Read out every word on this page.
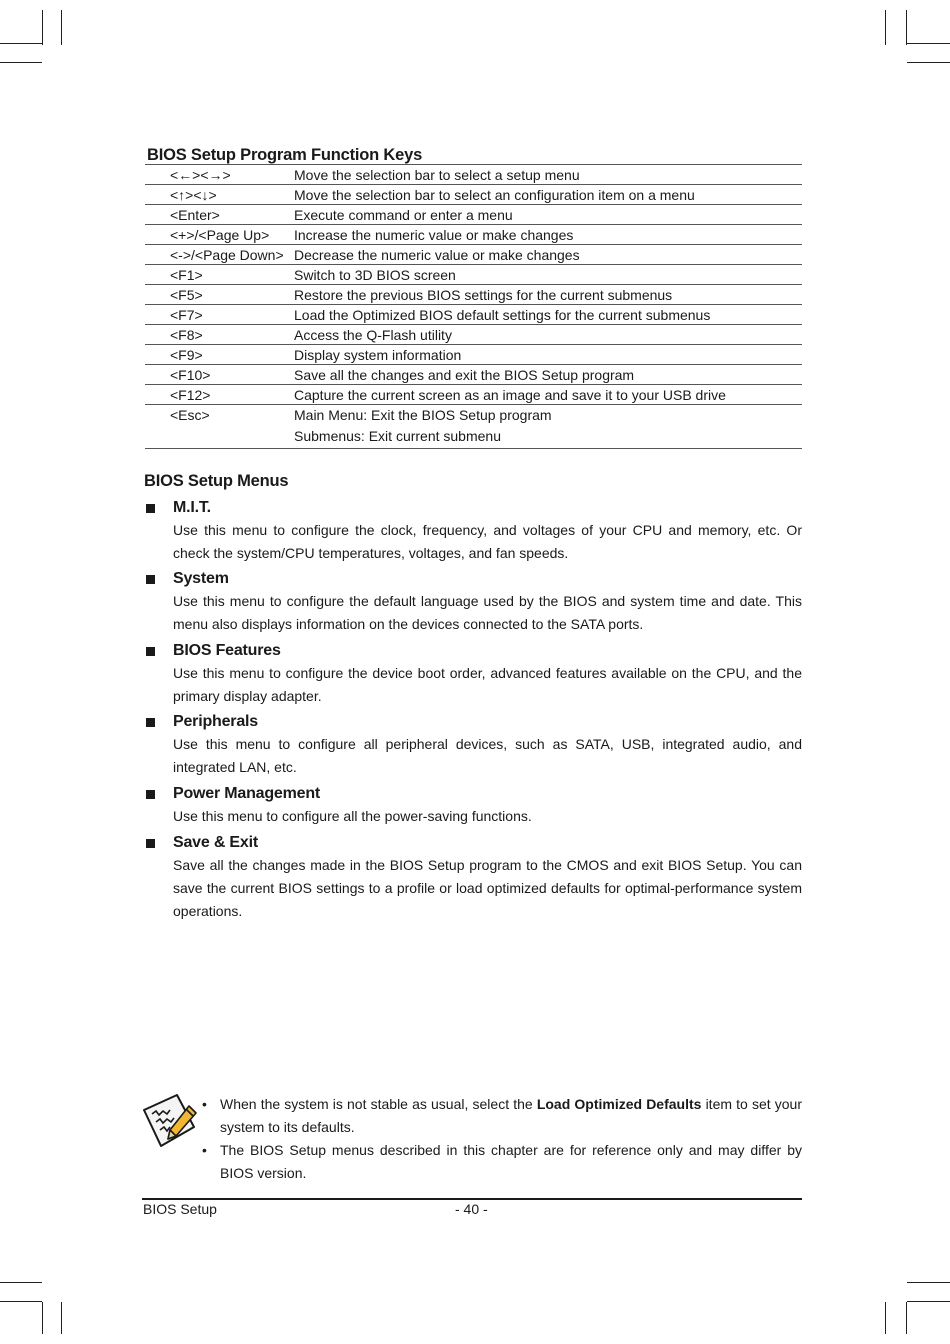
BIOS Setup Program Function Keys
<←><→>	Move the selection bar to select a setup menu
<↑><↓>	Move the selection bar to select an configuration item on a menu
<Enter>	Execute command or enter a menu
<+>/<Page Up>	Increase the numeric value or make changes
<->/<Page Down> Decrease the numeric value or make changes
<F1>	Switch to 3D BIOS screen
<F5>	Restore the previous BIOS settings for the current submenus
<F7>	Load the Optimized BIOS default settings for the current submenus
<F8>	Access the Q-Flash utility
<F9>	Display system information
<F10>	Save all the changes and exit the BIOS Setup program
<F12>	Capture the current screen as an image and save it to your USB drive
<Esc>	Main Menu: Exit the BIOS Setup program
Submenus: Exit current submenu
BIOS Setup Menus
M.I.T.
Use this menu to configure the clock, frequency, and voltages of your CPU and memory, etc. Or check the system/CPU temperatures, voltages, and fan speeds.
System
Use this menu to configure the default language used by the BIOS and system time and date. This menu also displays information on the devices connected to the SATA ports.
BIOS Features
Use this menu to configure the device boot order, advanced features available on the CPU, and the primary display adapter.
Peripherals
Use this menu to configure all peripheral devices, such as SATA, USB, integrated audio, and integrated LAN, etc.
Power Management
Use this menu to configure all the power-saving functions.
Save & Exit
Save all the changes made in the BIOS Setup program to the CMOS and exit BIOS Setup. You can save the current BIOS settings to a profile or load optimized defaults for optimal-performance system operations.
• When the system is not stable as usual, select the Load Optimized Defaults item to set your system to its defaults.
• The BIOS Setup menus described in this chapter are for reference only and may differ by BIOS version.
BIOS Setup	- 40 -
